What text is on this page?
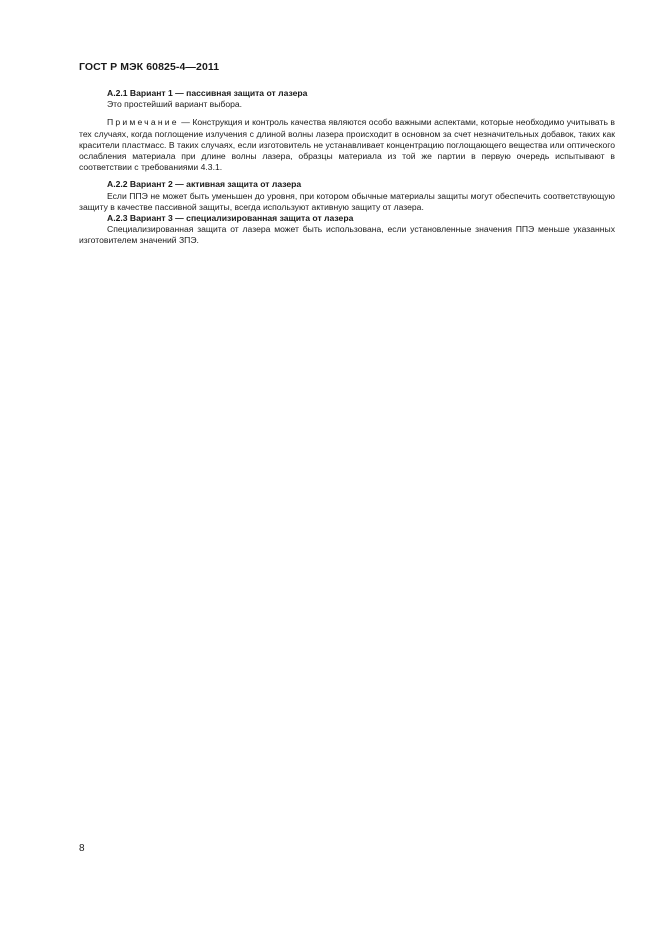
ГОСТ Р МЭК 60825-4—2011

А.2.1 Вариант 1 — пассивная защита от лазера

Это простейший вариант выбора.

Примечание — Конструкция и контроль качества являются особо важными аспектами, которые необходимо учитывать в тех случаях, когда поглощение излучения с длиной волны лазера происходит в основном за счет незначительных добавок, таких как красители пластмасс. В таких случаях, если изготовитель не устанавливает концентрацию поглощающего вещества или оптического ослабления материала при длине волны лазера, образцы материала из той же партии в первую очередь испытывают в соответствии с требованиями 4.3.1.

А.2.2 Вариант 2 — активная защита от лазера

Если ППЭ не может быть уменьшен до уровня, при котором обычные материалы защиты могут обеспечить соответствующую защиту в качестве пассивной защиты, всегда используют активную защиту от лазера.

А.2.3 Вариант 3 — специализированная защита от лазера

Специализированная защита от лазера может быть использована, если установленные значения ППЭ меньше указанных изготовителем значений ЗПЭ.

8
